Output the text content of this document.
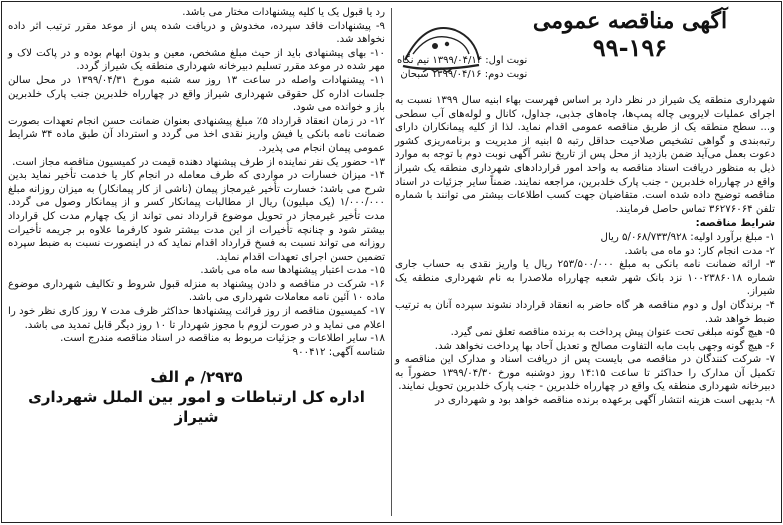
آگهی مناقصه عمومی
۹۹-۱۹۶
نوبت اول: ۱۳۹۹/۰۴/۱۴ نیم نگاه
نوبت دوم: ۱۳۹۹/۰۴/۱۶ سبحان

شهرداری منطقه یک شیراز در نظر دارد بر اساس فهرست بهاء ابنیه سال ۱۳۹۹ نسبت به اجرای عملیات لایروبی چاله پمپ‌ها، چاه‌های جذبی، جداول، کانال و لوله‌های آب سطحی و... سطح منطقه یک از طریق مناقصه عمومی اقدام نماید. لذا از کلیه پیمانکاران دارای رتبه‌بندی و گواهی تشخیص صلاحیت حداقل رتبه ۵ ابنیه از مدیریت و برنامه‌ریزی کشور دعوت بعمل می‌آید ضمن بازدید از محل پس از تاریخ نشر آگهی نوبت دوم با توجه به موارد ذیل به منظور دریافت اسناد مناقصه به واحد امور قراردادهای شهرداری منطقه یک شیراز واقع در چهارراه خلدبرین - جنب پارک خلدبرین، مراجعه نمایند. ضمناً سایر جزئیات در اسناد مناقصه توضیح داده شده است. متقاضیان جهت کسب اطلاعات بیشتر می توانند با شماره تلفن ۳۶۲۷۶۰۶۴ تماس حاصل فرمایند.

شرایط مناقصه:

۱- مبلغ برآورد اولیه: ۵/۰۶۸/۷۳۳/۹۲۸ ریال

۲- مدت انجام کار: دو ماه می باشد.

۳- ارائه ضمانت نامه بانکی به مبلغ ۲۵۳/۵۰۰/۰۰۰ ریال یا واریز نقدی به حساب جاری شماره ۱۰۰۲۳۸۶۰۱۸ نزد بانک شهر شعبه چهارراه ملاصدرا به نام شهرداری منطقه یک شیراز.

۴- برندگان اول و دوم مناقصه هر گاه حاضر به انعقاد قرارداد نشوند سپرده آنان به ترتیب ضبط خواهد شد.

۵- هیچ گونه مبلغی تحت عنوان پیش پرداخت به برنده مناقصه تعلق نمی گیرد.

۶- هیچ گونه وجهی بابت مابه التفاوت مصالح و تعدیل آحاد بها پرداخت نخواهد شد.

۷- شرکت کنندگان در مناقصه می بایست پس از دریافت اسناد و مدارک این مناقصه و تکمیل آن مدارک را حداکثر تا ساعت ۱۴:۱۵ روز دوشنبه مورخ ۱۳۹۹/۰۴/۳۰ حضوراً به دبیرخانه شهرداری منطقه یک واقع در چهارراه خلدبرین - جنب پارک خلدبرین تحویل نمایند.

۸- بدیهی است هزینه انتشار آگهی برعهده برنده مناقصه خواهد بود و شهرداری در

رد یا قبول یک یا کلیه پیشنهادات مختار می باشد.

۹- پیشنهادات فاقد سپرده، مخدوش و دریافت شده پس از موعد مقرر ترتیب اثر داده نخواهد شد.

۱۰- بهای پیشنهادی باید از حیث مبلغ مشخص، معین و بدون ابهام بوده و در پاکت لاک و مهر شده در موعد مقرر تسلیم دبیرخانه شهرداری منطقه یک شیراز گردد.

۱۱- پیشنهادات واصله در ساعت ۱۳ روز سه شنبه مورخ ۱۳۹۹/۰۴/۳۱ در محل سالن جلسات اداره کل حقوقی شهرداری شیراز واقع در چهارراه خلدبرین جنب پارک خلدبرین باز و خوانده می شود.

۱۲- در زمان انعقاد قرارداد ۵٪ مبلغ پیشنهادی بعنوان ضمانت حسن انجام تعهدات بصورت ضمانت نامه بانکی یا فیش واریز نقدی اخذ می گردد و استرداد آن طبق ماده ۳۴ شرایط عمومی پیمان انجام می پذیرد.

۱۳- حضور یک نفر نماینده از طرف پیشنهاد دهنده قیمت در کمیسیون مناقصه مجاز است.

۱۴- میزان خسارات در مواردی که طرف معامله در انجام کار یا خدمت تأخیر نماید بدین شرح می باشد: خسارت تأخیر غیرمجاز پیمان (ناشی از کار پیمانکار) به میزان روزانه مبلغ ۱/۰۰۰/۰۰۰ (یک میلیون) ریال از مطالبات پیمانکار کسر و از پیمانکار وصول می گردد. مدت تأخیر غیرمجاز در تحویل موضوع قرارداد نمی تواند از یک چهارم مدت کل قرارداد بیشتر شود و چنانچه تأخیرات از این مدت بیشتر شود کارفرما علاوه بر جریمه تأخیرات روزانه می تواند نسبت به فسخ قرارداد اقدام نماید که در اینصورت نسبت به ضبط سپرده تضمین حسن اجرای تعهدات اقدام نماید.

۱۵- مدت اعتبار پیشنهادها سه ماه می باشد.

۱۶- شرکت در مناقصه و دادن پیشنهاد به منزله قبول شروط و تکالیف شهرداری موضوع ماده ۱۰ آئین نامه معاملات شهرداری می باشد.

۱۷- کمیسیون مناقصه از روز قرائت پیشنهادها حداکثر ظرف مدت ۷ روز کاری نظر خود را اعلام می نماید و در صورت لزوم با مجوز شهردار تا ۱۰ روز دیگر قابل تمدید می باشد.

۱۸- سایر اطلاعات و جزئیات مربوط به مناقصه در اسناد مناقصه مندرج است.

شناسه آگهی: ۹۰۰۴۱۲

۲۹۳۵/ م الف
اداره کل ارتباطات و امور بین الملل شهرداری شیراز
